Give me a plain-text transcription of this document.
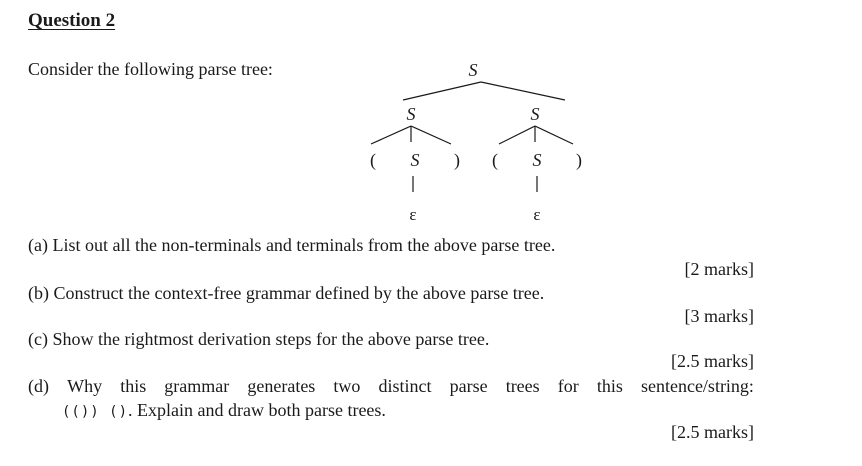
Question 2
Consider the following parse tree:	S
S
( S )
ε
S
( S )
ε
(a) List out all the non-terminals and terminals from the above parse tree.
[2 marks]
(b) Construct the context-free grammar defined by the above parse tree.
[3 marks]
(c) Show the rightmost derivation steps for the above parse tree.
[2.5 marks]
(d) Why this grammar generates two distinct parse trees for this sentence/string:
(()) (). Explain and draw both parse trees.
[2.5 marks]
